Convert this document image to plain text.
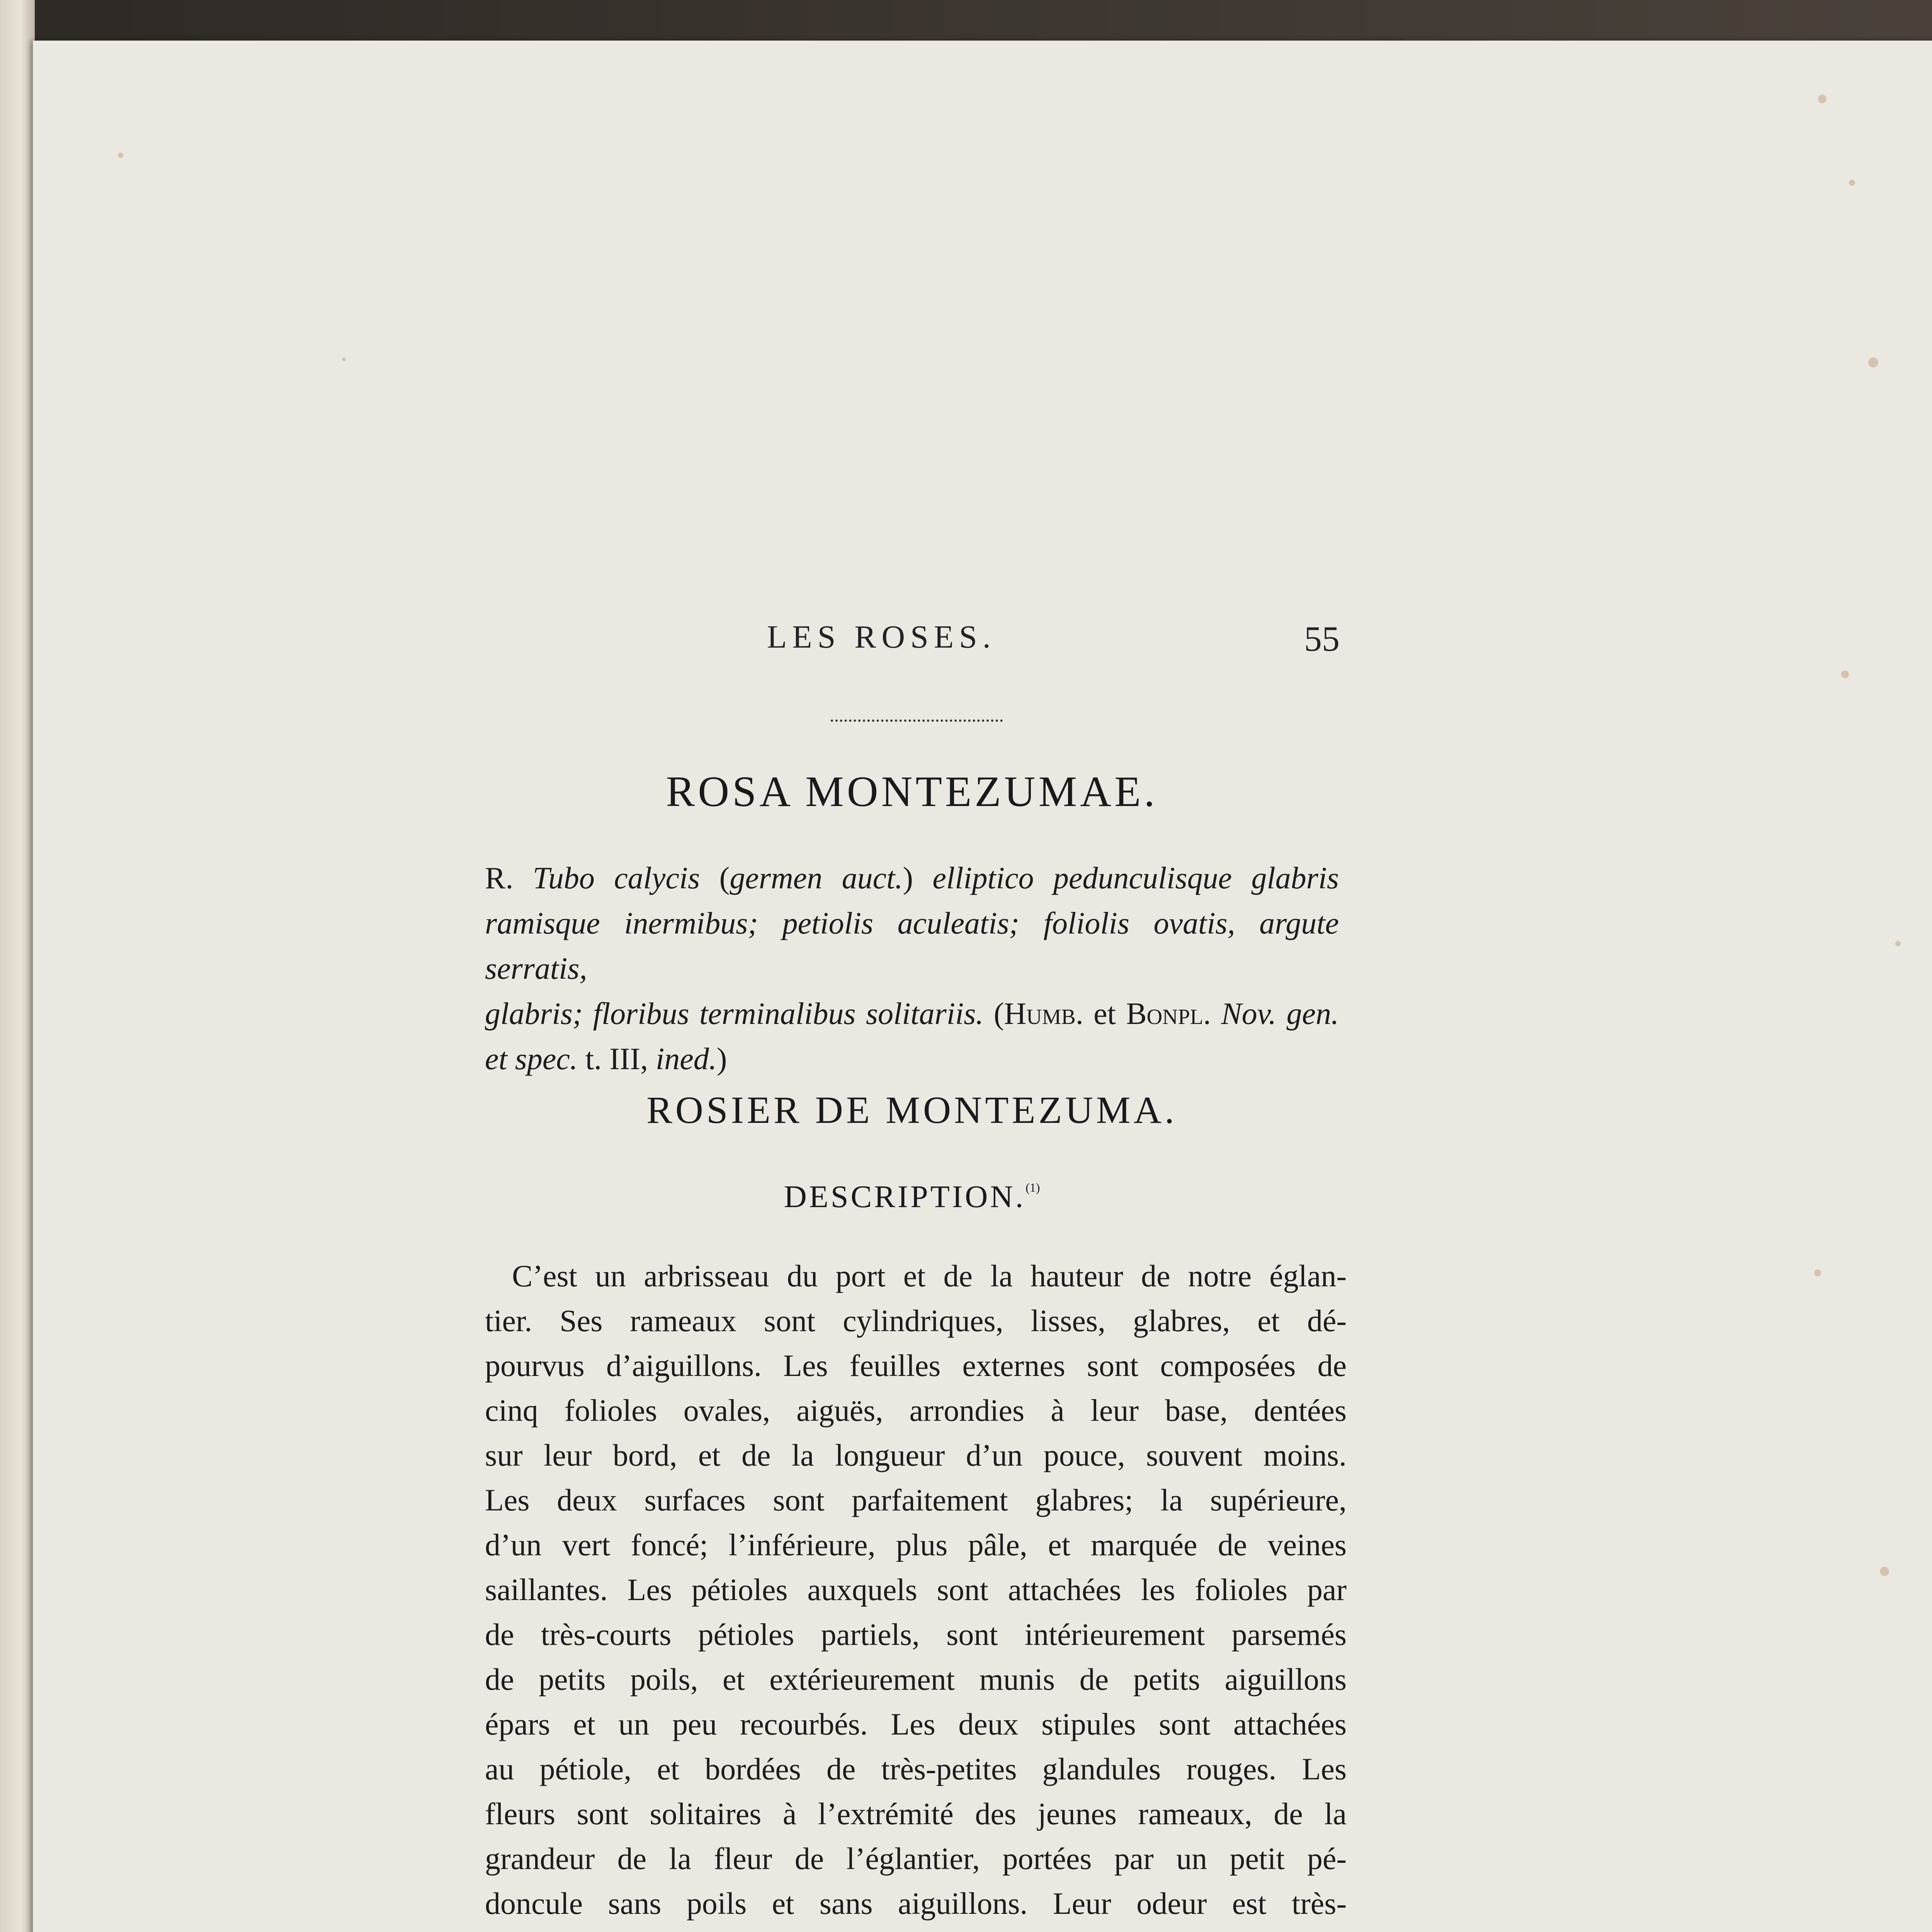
LES ROSES.	55
ROSA MONTEZUMAE.
R. Tubo calycis (germen auct.) elliptico pedunculisque glabris
ramisque inermibus; petiolis aculeatis; foliolis ovatis, argute serratis,
glabris; floribus terminalibus solitariis. (Humb. et Bonpl. Nov. gen.
et spec. t. III, ined.)
ROSIER DE MONTEZUMA.
DESCRIPTION.$^{(1)}$
C’est un arbrisseau du port et de la hauteur de notre églan-
tier. Ses rameaux sont cylindriques, lisses, glabres, et dé-
pourvus d’aiguillons. Les feuilles externes sont composées de
cinq folioles ovales, aiguës, arrondies à leur base, dentées
sur leur bord, et de la longueur d’un pouce, souvent moins.
Les deux surfaces sont parfaitement glabres; la supérieure,
d’un vert foncé; l’inférieure, plus pâle, et marquée de veines
saillantes. Les pétioles auxquels sont attachées les folioles par
de très-courts pétioles partiels, sont intérieurement parsemés
de petits poils, et extérieurement munis de petits aiguillons
épars et un peu recourbés. Les deux stipules sont attachées
au pétiole, et bordées de très-petites glandules rouges. Les
fleurs sont solitaires à l’extrémité des jeunes rameaux, de la
grandeur de la fleur de l’églantier, portées par un petit pé-
doncule sans poils et sans aiguillons. Leur odeur est très-
